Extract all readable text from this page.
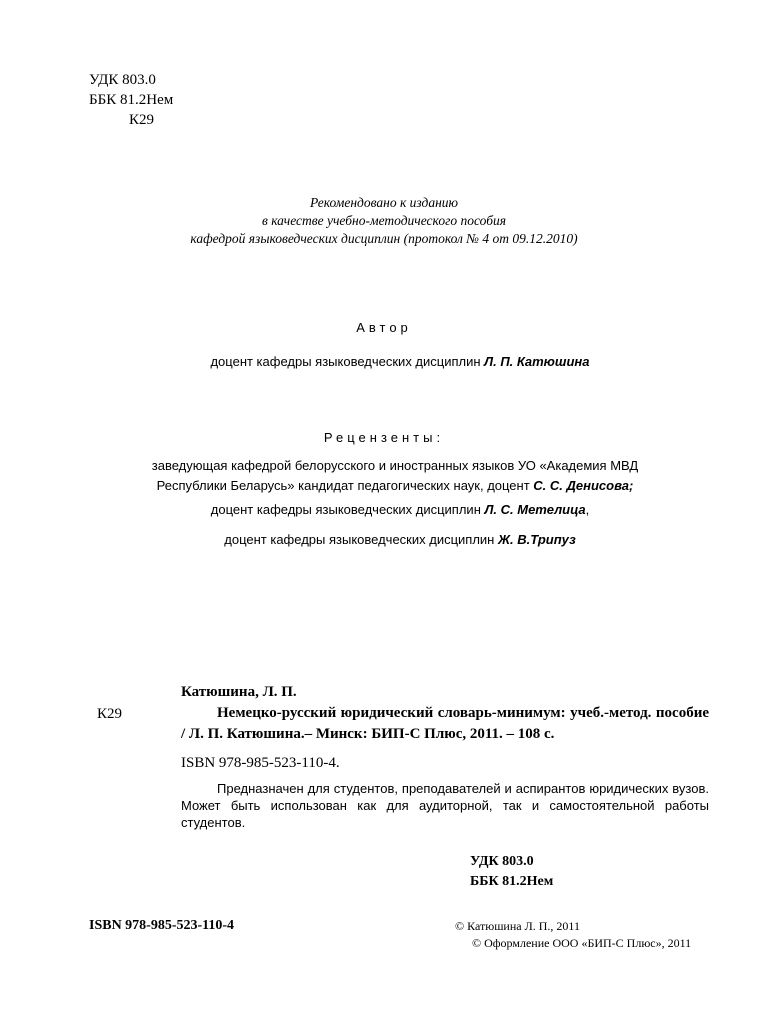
УДК 803.0
ББК 81.2Нем
К29
Рекомендовано к изданию
в качестве учебно-методического пособия
кафедрой языковедческих дисциплин (протокол № 4 от 09.12.2010)
Автор
доцент кафедры языковедческих дисциплин Л. П. Катюшина
Рецензенты:
заведующая кафедрой белорусского и иностранных языков УО «Академия МВД
Республики Беларусь» кандидат педагогических наук, доцент С. С. Денисова;
доцент кафедры языковедческих дисциплин Л. С. Метелица,
доцент кафедры языковедческих дисциплин Ж. В.Трипуз
К29
Катюшина, Л. П.
Немецко-русский юридический словарь-минимум: учеб.-метод. пособие / Л. П. Катюшина.– Минск: БИП-С Плюс, 2011. – 108 с.
ISBN 978-985-523-110-4.
Предназначен для студентов, преподавателей и аспирантов юридических вузов. Может быть использован как для аудиторной, так и самостоятельной работы студентов.
УДК 803.0
ББК 81.2Нем
ISBN 978-985-523-110-4	© Катюшина Л. П., 2011
© Оформление ООО «БИП-С Плюс», 2011
